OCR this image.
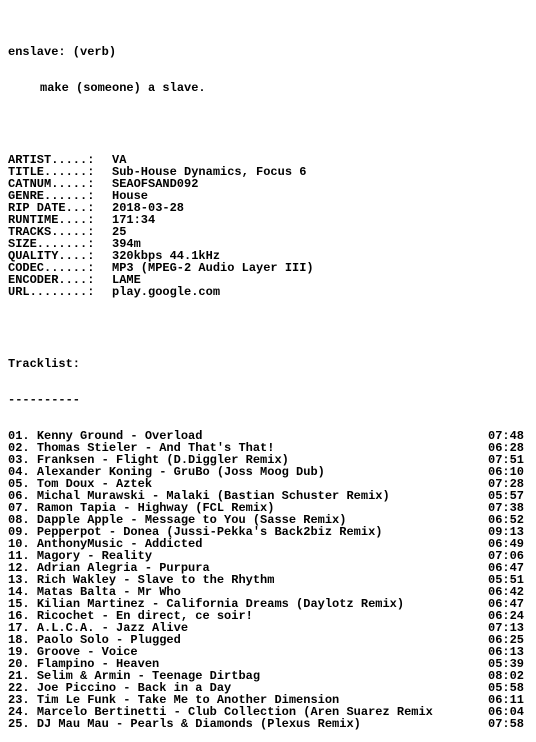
enslave: (verb)

make (someone) a slave.

ARTIST.....: VA
TITLE......: Sub-House Dynamics, Focus 6
CATNUM.....: SEAOFSAND092
GENRE......: House
RIP DATE...: 2018-03-28
RUNTIME....: 171:34
TRACKS.....: 25
SIZE.......: 394m
QUALITY....: 320kbps 44.1kHz
CODEC......: MP3 (MPEG-2 Audio Layer III)
ENCODER....: LAME
URL........: play.google.com

Tracklist:

----------

01. Kenny Ground - Overload	07:48
02. Thomas Stieler - And That's That!	06:28
03. Franksen - Flight (D.Diggler Remix)	07:51
04. Alexander Koning - GruBo (Joss Moog Dub)	06:10
05. Tom Doux - Aztek	07:28
06. Michal Murawski - Malaki (Bastian Schuster Remix)	05:57
07. Ramon Tapia - Highway (FCL Remix)	07:38
08. Dapple Apple - Message to You (Sasse Remix)	06:52
09. Pepperpot - Donea (Jussi-Pekka's Back2biz Remix)	09:13
10. AnthonyMusic - Addicted	06:49
11. Magory - Reality	07:06
12. Adrian Alegria - Purpura	06:47
13. Rich Wakley - Slave to the Rhythm	05:51
14. Matas Balta - Mr Who	06:42
15. Kilian Martinez - California Dreams (Daylotz Remix)	06:47
16. Ricochet - En direct, ce soir!	06:24
17. A.L.C.A. - Jazz Alive	07:13
18. Paolo Solo - Plugged	06:25
19. Groove - Voice	06:13
20. Flampino - Heaven	05:39
21. Selim & Armin - Teenage Dirtbag	08:02
22. Joe Piccino - Back in a Day	05:58
23. Tim Le Funk - Take Me to Another Dimension	06:11
24. Marcelo Bertinetti - Club Collection (Aren Suarez Remix	06:04
25. DJ Mau Mau - Pearls & Diamonds (Plexus Remix)	07:58
